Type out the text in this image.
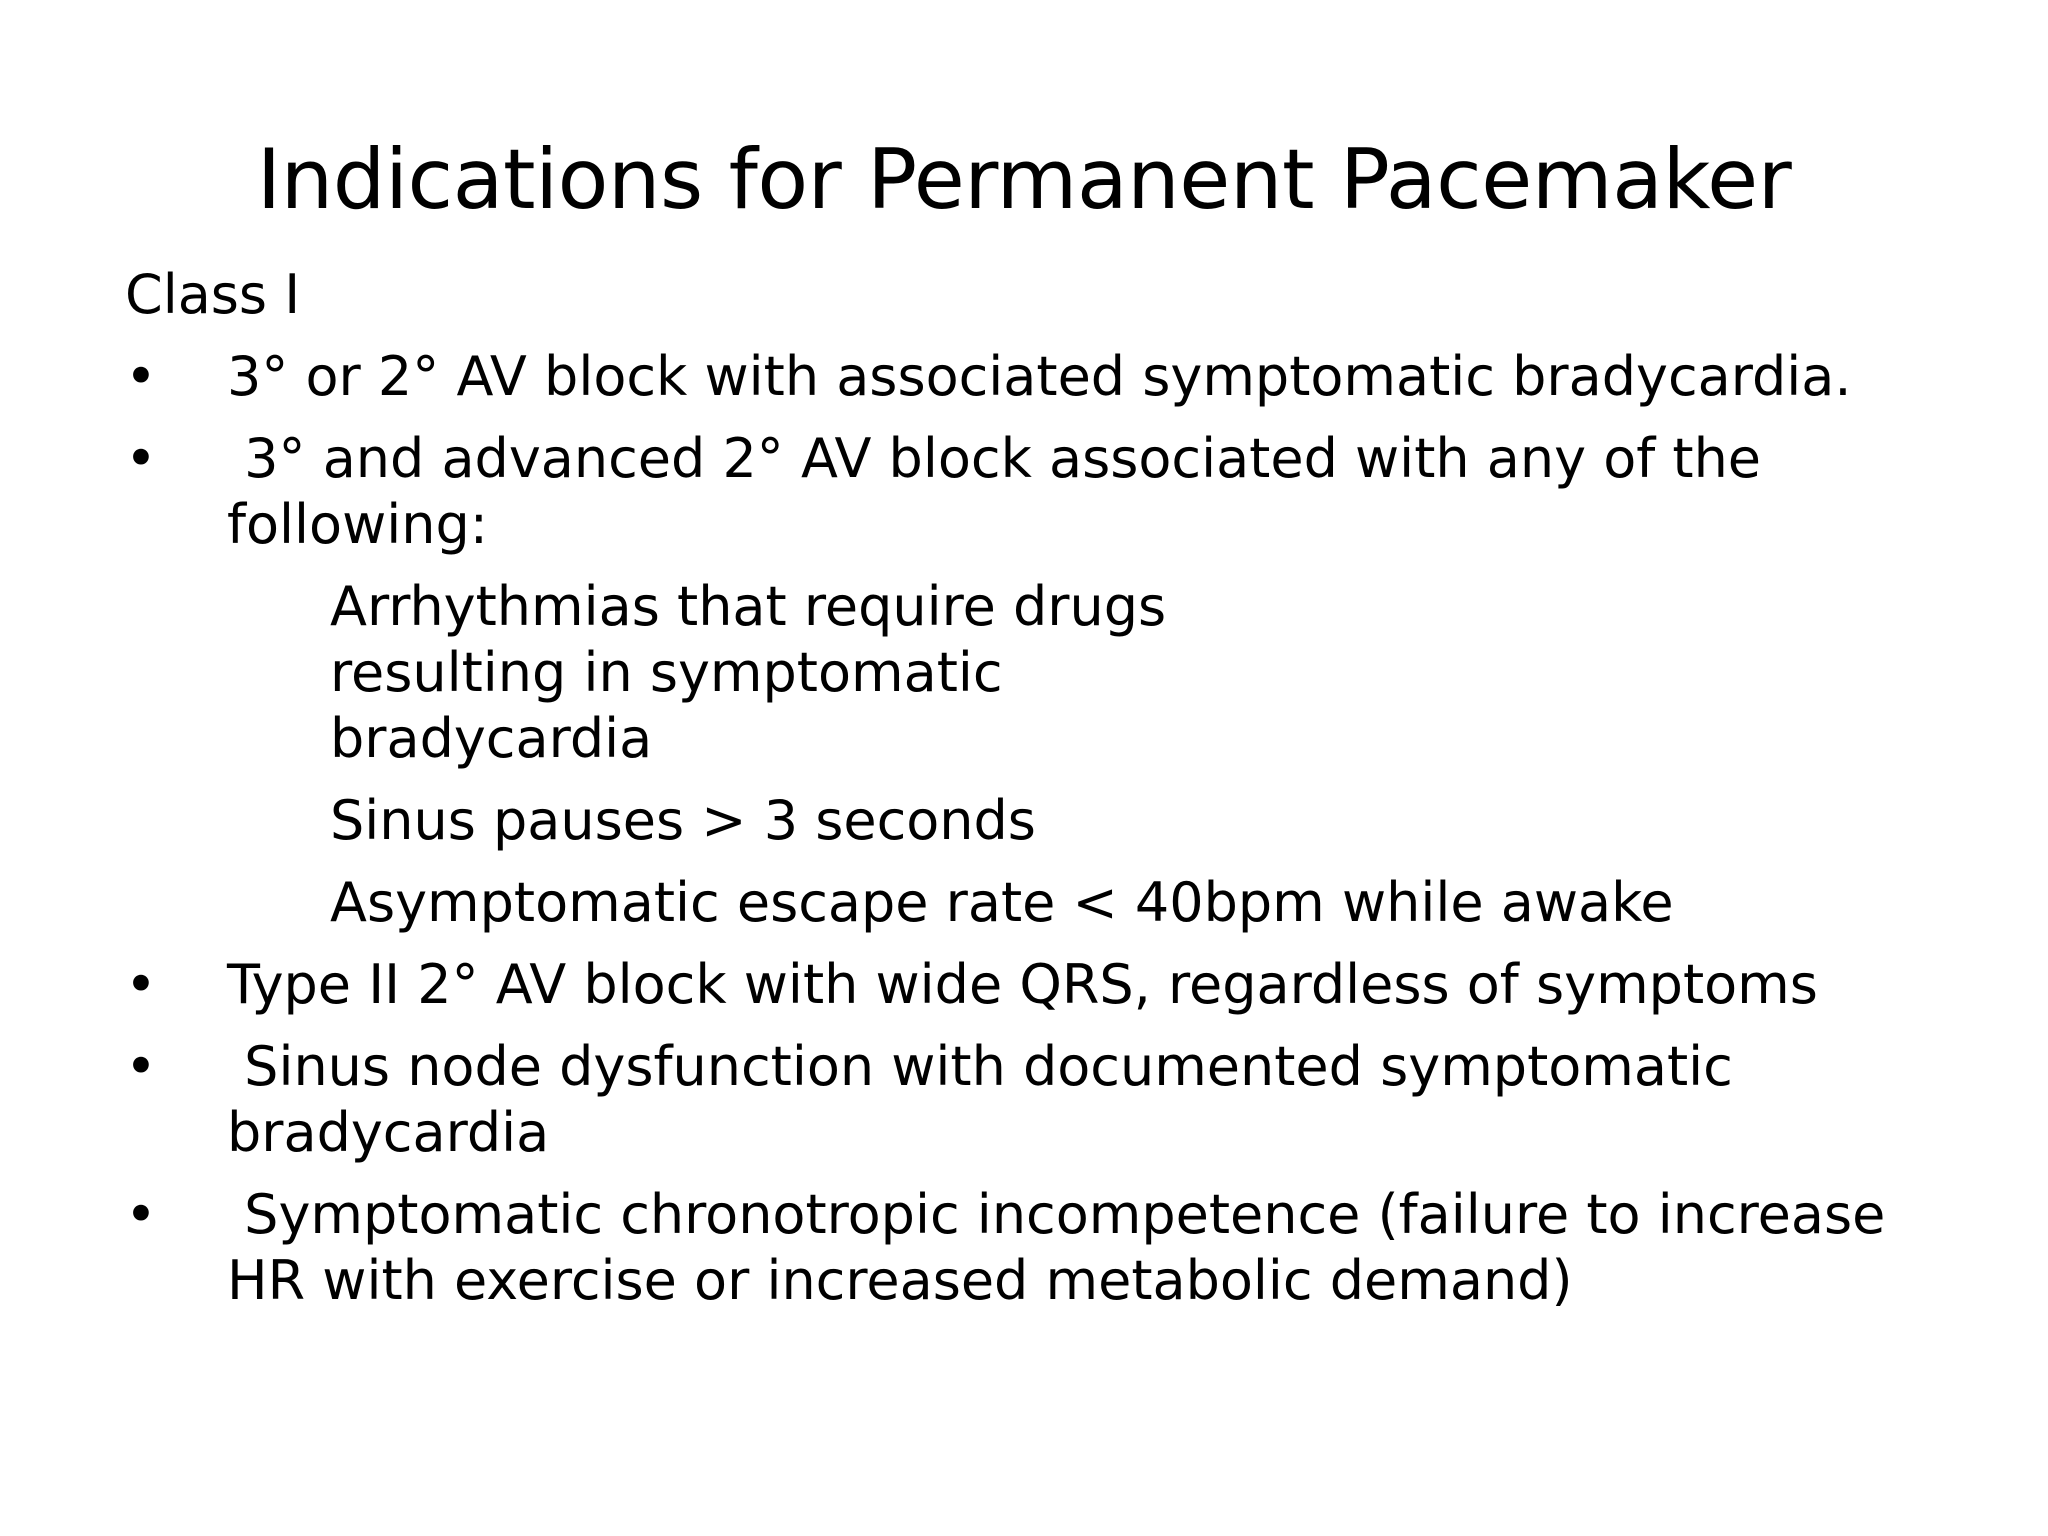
Indications for Permanent Pacemaker
Class I
• 3° or 2° AV block with associated symptomatic bradycardia.
• 3° and advanced 2° AV block associated with any of the following:
Arrhythmias that require drugs resulting in symptomatic bradycardia
Sinus pauses > 3 seconds
Asymptomatic escape rate < 40bpm while awake
• Type II 2° AV block with wide QRS, regardless of symptoms
• Sinus node dysfunction with documented symptomatic bradycardia
• Symptomatic chronotropic incompetence (failure to increase HR with exercise or increased metabolic demand)
